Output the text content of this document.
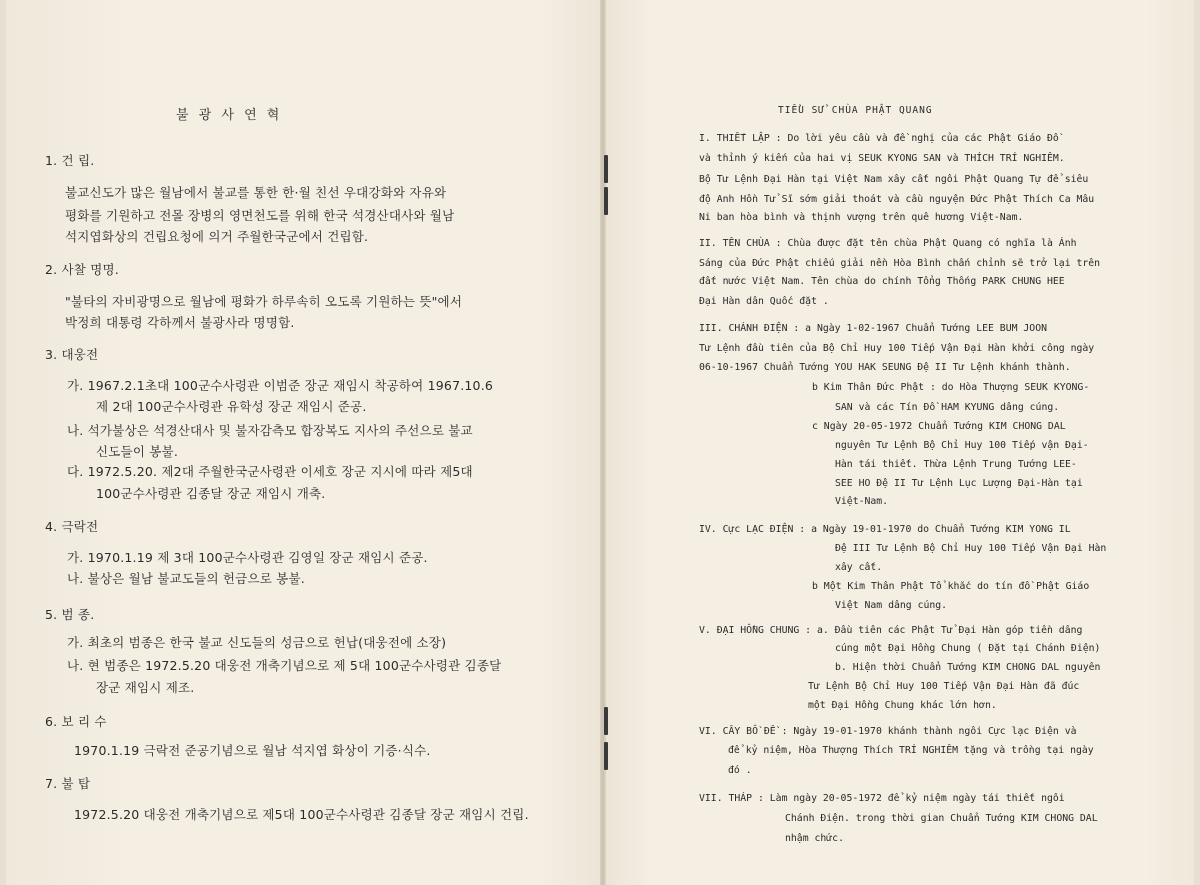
불 광 사 연 혁
1. 건 립.
불교신도가 많은 월남에서 불교를 통한 한·월 친선 우대강화와 자유와
평화를 기원하고 전몰 장병의 영면천도를 위해 한국 석경산대사와 월남
석지엽화상의 건립요청에 의거 주월한국군에서 건립함.
2. 사찰 명명.
"불타의 자비광명으로 월남에 평화가 하루속히 오도록 기원하는 뜻"에서
박정희 대통령 각하께서 불광사라 명명함.
3. 대웅전
가. 1967.2.1초대 100군수사령관 이범준 장군 재임시 착공하여 1967.10.6
제 2대 100군수사령관 유학성 장군 재임시 준공.
나. 석가불상은 석경산대사 및 불자감측모 합장복도 지사의 주선으로 불교
신도들이 봉불.
다. 1972.5.20. 제2대 주월한국군사령관 이세호 장군 지시에 따라 제5대
100군수사령관 김종달 장군 재임시 개축.
4. 극락전
가. 1970.1.19 제 3대 100군수사령관 김영일 장군 재임시 준공.
나. 불상은 월남 불교도들의 헌금으로 봉불.
5. 범 종.
가. 최초의 범종은 한국 불교 신도들의 성금으로 헌납(대웅전에 소장)
나. 현 범종은 1972.5.20 대웅전 개축기념으로 제 5대 100군수사령관 김종달
장군 재임시 제조.
6. 보 리 수
1970.1.19 극락전 준공기념으로 월남 석지엽 화상이 기증·식수.
7. 불 탑
1972.5.20 대웅전 개축기념으로 제5대 100군수사령관 김종달 장군 재임시 건립.
TIỂU SỬ CHÙA PHẬT QUANG
I. THIẾT LẬP : Do lời yêu cầu và đề nghị của các Phật Giáo Đồ
và thỉnh ý kiến của hai vị SEUK KYONG SAN và THÍCH TRÍ NGHIÊM.
Bộ Tư Lệnh Đại Hàn tại Việt Nam xây cất ngôi Phật Quang Tự để siêu
độ Anh Hồn Tử Sĩ sớm giải thoát và cầu nguyện Đức Phật Thích Ca Mâu
Ni ban hòa bình và thịnh vượng trên quê hương Việt-Nam.
II. TÊN CHÙA : Chùa được đặt tên chùa Phật Quang có nghĩa là Ánh
Sáng của Đức Phật chiếu giải nền Hòa Bình chấn chỉnh sẽ trở lại trên
đất nước Việt Nam. Tên chùa do chính Tổng Thống PARK CHUNG HEE
Đại Hàn dân Quốc đặt .
III. CHÁNH ĐIỆN : a Ngày 1-02-1967 Chuẩn Tướng LEE BUM JOON
Tư Lệnh đầu tiên của Bộ Chỉ Huy 100 Tiếp Vận Đại Hàn khởi công ngày
06-10-1967 Chuẩn Tướng YOU HAK SEUNG Đệ II Tư Lệnh khánh thành.
b Kim Thân Đức Phật : do Hòa Thượng SEUK KYONG-
SAN và các Tín Đồ HAM KYUNG dâng cúng.
c Ngày 20-05-1972 Chuẩn Tướng KIM CHONG DAL
nguyên Tư Lệnh Bộ Chỉ Huy 100 Tiếp vận Đại-
Hàn tái thiết. Thừa Lệnh Trung Tướng LEE-
SEE HO Đệ II Tư Lệnh Lục Lượng Đại-Hàn tại
Việt-Nam.
IV. Cực LẠC ĐIỆN : a Ngày 19-01-1970 do Chuẩn Tướng KIM YONG IL
Đệ III Tư Lệnh Bộ Chỉ Huy 100 Tiếp Vận Đại Hàn
xây cất.
b Một Kim Thân Phật Tổ khắc do tín đồ Phật Giáo
Việt Nam dâng cúng.
V. ĐẠI HỒNG CHUNG : a. Đầu tiên các Phật Tử Đại Hàn góp tiền dâng
cúng một Đại Hồng Chung ( Đặt tại Chánh Điện)
b. Hiện thời Chuẩn Tướng KIM CHONG DAL nguyên
Tư Lệnh Bộ Chỉ Huy 100 Tiếp Vận Đại Hàn đã đúc
một Đại Hồng Chung khác lớn hơn.
VI. CÂY BỒ ĐỀ : Ngày 19-01-1970 khánh thành ngôi Cực lạc Điện và
để kỷ niệm, Hòa Thượng Thích TRÍ NGHIÊM tặng và trồng tại ngày
đó .
VII. THÁP : Làm ngày 20-05-1972 để kỷ niệm ngày tái thiết ngôi
Chánh Điện. trong thời gian Chuẩn Tướng KIM CHONG DAL
nhậm chức.
